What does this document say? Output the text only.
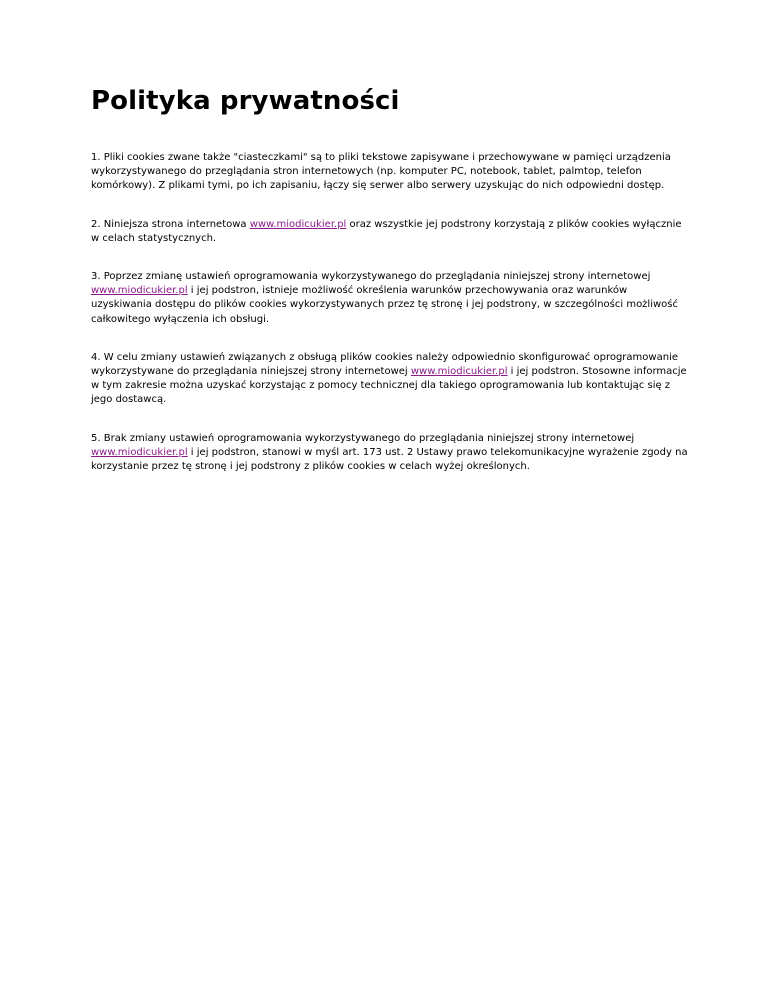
Polityka prywatności

1. Pliki cookies zwane także "ciasteczkami" są to pliki tekstowe zapisywane i przechowywane w pamięci urządzenia wykorzystywanego do przeglądania stron internetowych (np. komputer PC, notebook, tablet, palmtop, telefon komórkowy). Z plikami tymi, po ich zapisaniu, łączy się serwer albo serwery uzyskując do nich odpowiedni dostęp.

2. Niniejsza strona internetowa www.miodicukier.pl oraz wszystkie jej podstrony korzystają z plików cookies wyłącznie w celach statystycznych.

3. Poprzez zmianę ustawień oprogramowania wykorzystywanego do przeglądania niniejszej strony internetowej www.miodicukier.pl i jej podstron, istnieje możliwość określenia warunków przechowywania oraz warunków uzyskiwania dostępu do plików cookies wykorzystywanych przez tę stronę i jej podstrony, w szczególności możliwość całkowitego wyłączenia ich obsługi.

4. W celu zmiany ustawień związanych z obsługą plików cookies należy odpowiednio skonfigurować oprogramowanie wykorzystywane do przeglądania niniejszej strony internetowej www.miodicukier.pl i jej podstron. Stosowne informacje w tym zakresie można uzyskać korzystając z pomocy technicznej dla takiego oprogramowania lub kontaktując się z jego dostawcą.

5. Brak zmiany ustawień oprogramowania wykorzystywanego do przeglądania niniejszej strony internetowej www.miodicukier.pl i jej podstron, stanowi w myśl art. 173 ust. 2 Ustawy prawo telekomunikacyjne wyrażenie zgody na korzystanie przez tę stronę i jej podstrony z plików cookies w celach wyżej określonych.
